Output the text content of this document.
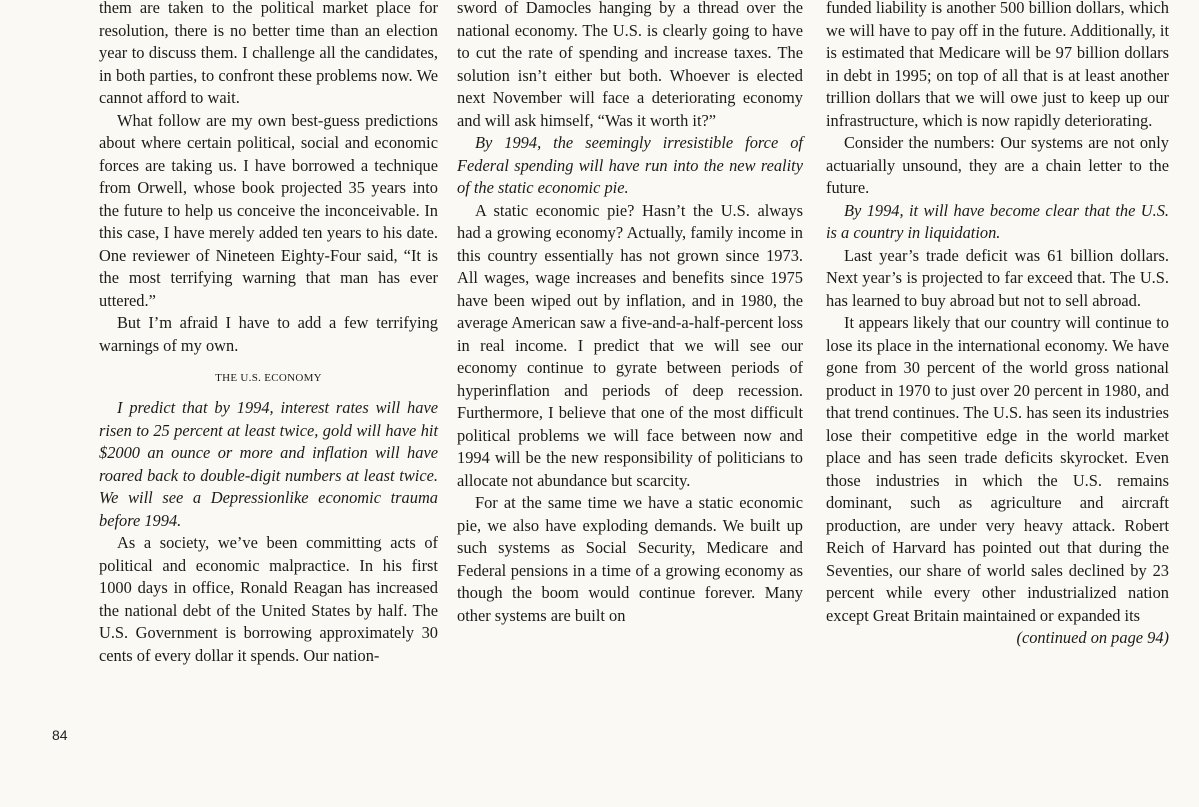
them are taken to the political market place for resolution, there is no better time than an election year to discuss them. I challenge all the candidates, in both parties, to confront these problems now. We cannot afford to wait.

What follow are my own best-guess predictions about where certain political, social and economic forces are taking us. I have borrowed a technique from Orwell, whose book projected 35 years into the future to help us conceive the inconceivable. In this case, I have merely added ten years to his date. One reviewer of Nineteen Eighty-Four said, “It is the most terrifying warning that man has ever uttered.”

But I’m afraid I have to add a few terrifying warnings of my own.

THE U.S. ECONOMY

I predict that by 1994, interest rates will have risen to 25 percent at least twice, gold will have hit $2000 an ounce or more and inflation will have roared back to double-digit numbers at least twice. We will see a Depressionlike economic trauma before 1994.

As a society, we’ve been committing acts of political and economic malpractice. In his first 1000 days in office, Ronald Reagan has increased the national debt of the United States by half. The U.S. Government is borrowing approximately 30 cents of every dollar it spends. Our nation-

sword of Damocles hanging by a thread over the national economy. The U.S. is clearly going to have to cut the rate of spending and increase taxes. The solution isn’t either but both. Whoever is elected next November will face a deteriorating economy and will ask himself, “Was it worth it?”

By 1994, the seemingly irresistible force of Federal spending will have run into the new reality of the static economic pie.

A static economic pie? Hasn’t the U.S. always had a growing economy? Actually, family income in this country essentially has not grown since 1973. All wages, wage increases and benefits since 1975 have been wiped out by inflation, and in 1980, the average American saw a five-and-a-half-percent loss in real income. I predict that we will see our economy continue to gyrate between periods of hyperinflation and periods of deep recession. Furthermore, I believe that one of the most difficult political problems we will face between now and 1994 will be the new responsibility of politicians to allocate not abundance but scarcity.

For at the same time we have a static economic pie, we also have exploding demands. We built up such systems as Social Security, Medicare and Federal pensions in a time of a growing economy as though the boom would continue forever. Many other systems are built on

funded liability is another 500 billion dollars, which we will have to pay off in the future. Additionally, it is estimated that Medicare will be 97 billion dollars in debt in 1995; on top of all that is at least another trillion dollars that we will owe just to keep up our infrastructure, which is now rapidly deteriorating.

Consider the numbers: Our systems are not only actuarially unsound, they are a chain letter to the future.

By 1994, it will have become clear that the U.S. is a country in liquidation.

Last year’s trade deficit was 61 billion dollars. Next year’s is projected to far exceed that. The U.S. has learned to buy abroad but not to sell abroad.

It appears likely that our country will continue to lose its place in the international economy. We have gone from 30 percent of the world gross national product in 1970 to just over 20 percent in 1980, and that trend continues. The U.S. has seen its industries lose their competitive edge in the world market place and has seen trade deficits skyrocket. Even those industries in which the U.S. remains dominant, such as agriculture and aircraft production, are under very heavy attack. Robert Reich of Harvard has pointed out that during the Seventies, our share of world sales declined by 23 percent while every other industrialized nation except Great Britain maintained or expanded its

(continued on page 94)

84
